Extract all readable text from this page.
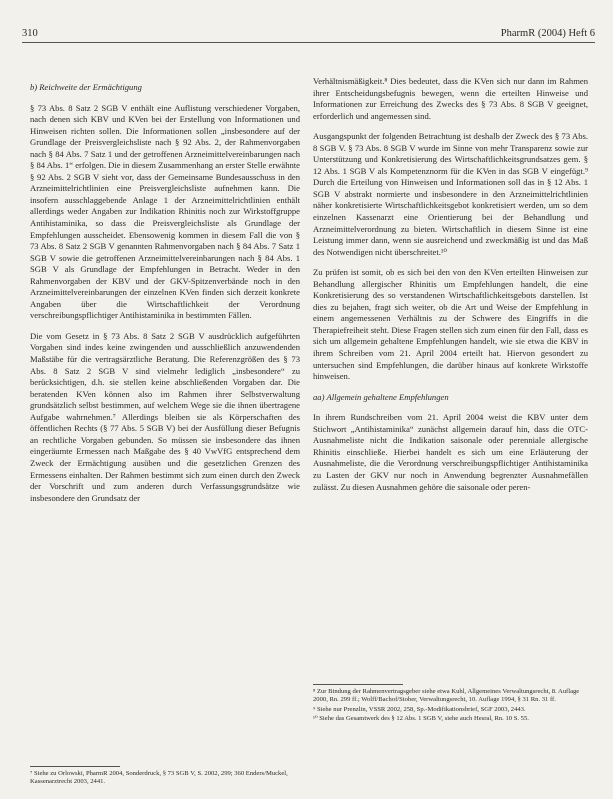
310	PharmR (2004) Heft 6

b) Reichweite der Ermächtigung

§ 73 Abs. 8 Satz 2 SGB V enthält eine Auflistung verschiedener Vorgaben, nach denen sich KBV und KVen bei der Erstellung von Informationen und Hinweisen richten sollen. Die Informationen sollen „insbesondere auf der Grundlage der Preisvergleichsliste nach § 92 Abs. 2, der Rahmenvorgaben nach § 84 Abs. 7 Satz 1 und der getroffenen Arzneimittelvereinbarungen nach § 84 Abs. 1“ erfolgen. Die in diesem Zusammenhang an erster Stelle erwähnte § 92 Abs. 2 SGB V sieht vor, dass der Gemeinsame Bundesausschuss in den Arzneimittelrichtlinien eine Preisvergleichsliste aufnehmen kann. Die insofern ausschlaggebende Anlage 1 der Arzneimittelrichtlinien enthält allerdings weder Angaben zur Indikation Rhinitis noch zur Wirkstoffgruppe Antihistaminika, so dass die Preisvergleichsliste als Grundlage der Empfehlungen ausscheidet. Ebensowenig kommen in diesem Fall die von § 73 Abs. 8 Satz 2 SGB V genannten Rahmenvorgaben nach § 84 Abs. 7 Satz 1 SGB V sowie die getroffenen Arzneimittelvereinbarungen nach § 84 Abs. 1 SGB V als Grundlage der Empfehlungen in Betracht. Weder in den Rahmenvorgaben der KBV und der GKV-Spitzenverbände noch in den Arzneimittelvereinbarungen der einzelnen KVen finden sich derzeit konkrete Angaben über die Wirtschaftlichkeit der Verordnung verschreibungspflichtiger Antihistaminika in bestimmten Fällen.

Die vom Gesetz in § 73 Abs. 8 Satz 2 SGB V ausdrücklich aufgeführten Vorgaben sind indes keine zwingenden und ausschließlich anzuwendenden Maßstäbe für die vertragsärztliche Beratung. Die Referenzgrößen des § 73 Abs. 8 Satz 2 SGB V sind vielmehr lediglich „insbesondere“ zu berücksichtigen, d.h. sie stellen keine abschließenden Vorgaben dar. Die beratenden KVen können also im Rahmen ihrer Selbstverwaltung grundsätzlich selbst bestimmen, auf welchem Wege sie die ihnen übertragene Aufgabe wahrnehmen.⁷ Allerdings bleiben sie als Körperschaften des öffentlichen Rechts (§ 77 Abs. 5 SGB V) bei der Ausfüllung dieser Befugnis an rechtliche Vorgaben gebunden. So müssen sie insbesondere das ihnen eingeräumte Ermessen nach Maßgabe des § 40 VwVfG entsprechend dem Zweck der Ermächtigung ausüben und die gesetzlichen Grenzen des Ermessens einhalten. Der Rahmen bestimmt sich zum einen durch den Zweck der Vorschrift und zum anderen durch Verfassungsgrundsätze wie insbesondere den Grundsatz der

⁷ Siehe zu Orlowski, PharmR 2004, Sonderdruck, § 73 SGB V, S. 2002, 299; 360 Enders/Muckel, Kassenarztrecht 2003, 2441.

Verhältnismäßigkeit.⁸ Dies bedeutet, dass die KVen sich nur dann im Rahmen ihrer Entscheidungsbefugnis bewegen, wenn die erteilten Hinweise und Informationen zur Erreichung des Zwecks des § 73 Abs. 8 SGB V geeignet, erforderlich und angemessen sind.

Ausgangspunkt der folgenden Betrachtung ist deshalb der Zweck des § 73 Abs. 8 SGB V. § 73 Abs. 8 SGB V wurde im Sinne von mehr Transparenz sowie zur Unterstützung und Konkretisierung des Wirtschaftlichkeitsgrundsatzes gem. § 12 Abs. 1 SGB V als Kompetenznorm für die KVen in das SGB V eingefügt.⁹ Durch die Erteilung von Hinweisen und Informationen soll das in § 12 Abs. 1 SGB V abstrakt normierte und insbesondere in den Arzneimittelrichtlinien näher konkretisierte Wirtschaftlichkeitsgebot konkretisiert werden, um so dem einzelnen Kassenarzt eine Orientierung bei der Behandlung und Arzneimittelverordnung zu bieten. Wirtschaftlich in diesem Sinne ist eine Leistung immer dann, wenn sie ausreichend und zweckmäßig ist und das Maß des Notwendigen nicht überschreitet.¹⁰

Zu prüfen ist somit, ob es sich bei den von den KVen erteilten Hinweisen zur Behandlung allergischer Rhinitis um Empfehlungen handelt, die eine Konkretisierung des so verstandenen Wirtschaftlichkeitsgebots darstellen. Ist dies zu bejahen, fragt sich weiter, ob die Art und Weise der Empfehlung in einem angemessenen Verhältnis zu der Schwere des Eingriffs in die Therapiefreiheit steht. Diese Fragen stellen sich zum einen für den Fall, dass es sich um allgemein gehaltene Empfehlungen handelt, wie sie etwa die KBV in ihrem Schreiben vom 21. April 2004 erteilt hat. Hiervon gesondert zu untersuchen sind Empfehlungen, die darüber hinaus auf konkrete Wirkstoffe hinweisen.

aa) Allgemein gehaltene Empfehlungen

In ihrem Rundschreiben vom 21. April 2004 weist die KBV unter dem Stichwort „Antihistaminika“ zunächst allgemein darauf hin, dass die OTC-Ausnahmeliste nicht die Indikation saisonale oder perenniale allergische Rhinitis einschließe. Hierbei handelt es sich um eine Erläuterung der Ausnahmeliste, die die Verordnung verschreibungspflichtiger Antihistaminika zu Lasten der GKV nur noch in Anwendung begrenzter Ausnahmefällen zulässt. Zu diesen Ausnahmen gehöre die saisonale oder peren-

⁸ Zur Bindung der Rahmenvertragsgeber siehe etwa Kuhl, Allgemeines Verwaltungsrecht, 8. Auflage 2000, Rn. 299 ff.; Wolff/Bachof/Stober, Verwaltungsrecht, 10. Auflage 1994, § 31 Rn. 31 ff.

⁹ Siehe nur Prenzlin, VSSR 2002, 258, Sp.-Modifikationsbrief, SGF 2003, 2443.

¹⁰ Siehe das Gesamtwerk des § 12 Abs. 1 SGB V, siehe auch Hesral, Rn. 10 S. 55.
